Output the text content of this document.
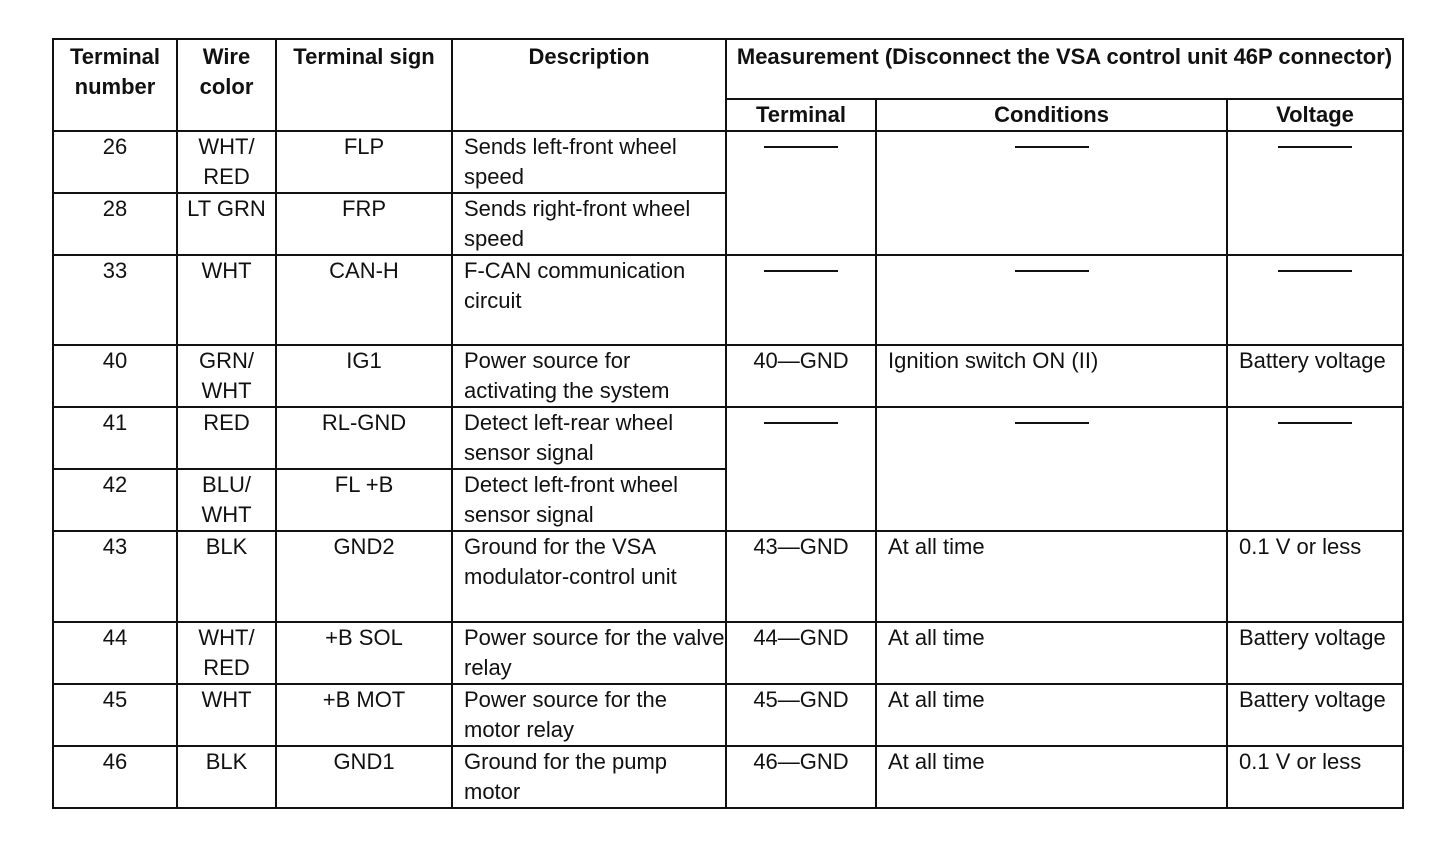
Terminal number	Wire color	Terminal sign	Description	Measurement (Disconnect the VSA control unit 46P connector)		
				Terminal	Conditions	Voltage
26	WHT/ RED	FLP	Sends left-front wheel speed	

28	LT GRN	FRP	Sends right-front wheel speed			
33	WHT	CAN-H	F-CAN communication circuit	

40	GRN/ WHT	IG1	Power source for activating the system	40—GND	Ignition switch ON (II)	Battery voltage
41	RED	RL-GND	Detect left-rear wheel sensor signal	

42	BLU/ WHT	FL +B	Detect left-front wheel sensor signal			
43	BLK	GND2	Ground for the VSA modulator-control unit	43—GND	At all time	0.1 V or less
44	WHT/ RED	+B SOL	Power source for the valve relay	44—GND	At all time	Battery voltage
45	WHT	+B MOT	Power source for the motor relay	45—GND	At all time	Battery voltage
46	BLK	GND1	Ground for the pump motor	46—GND	At all time	0.1 V or less
